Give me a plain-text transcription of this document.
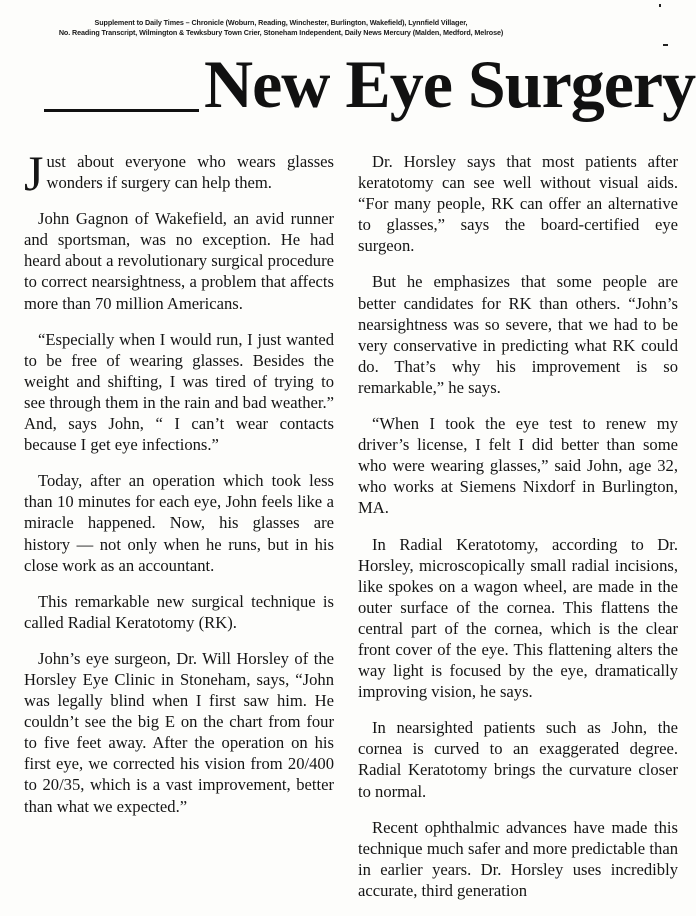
Supplement to Daily Times – Chronicle (Woburn, Reading, Winchester, Burlington, Wakefield), Lynnfield Villager,
No. Reading Transcript, Wilmington & Tewksbury Town Crier, Stoneham Independent, Daily News Mercury (Malden, Medford, Melrose)
New Eye Surgery

Just about everyone who wears glasses wonders if surgery can help them.

John Gagnon of Wakefield, an avid runner and sportsman, was no exception. He had heard about a revolutionary surgical procedure to correct nearsightness, a problem that affects more than 70 million Americans.

“Especially when I would run, I just wanted to be free of wearing glasses. Besides the weight and shifting, I was tired of trying to see through them in the rain and bad weather.” And, says John, “ I can’t wear contacts because I get eye infections.”

Today, after an operation which took less than 10 minutes for each eye, John feels like a miracle happened. Now, his glasses are history — not only when he runs, but in his close work as an accountant.

This remarkable new surgical technique is called Radial Keratotomy (RK).

John’s eye surgeon, Dr. Will Horsley of the Horsley Eye Clinic in Stoneham, says, “John was legally blind when I first saw him. He couldn’t see the big E on the chart from four to five feet away. After the operation on his first eye, we corrected his vision from 20/400 to 20/35, which is a vast improvement, better than what we expected.”

Dr. Horsley says that most patients after keratotomy can see well without visual aids. “For many people, RK can offer an alternative to glasses,” says the board-certified eye surgeon.

But he emphasizes that some people are better candidates for RK than others. “John’s nearsightness was so severe, that we had to be very conservative in predicting what RK could do. That’s why his improvement is so remarkable,” he says.

“When I took the eye test to renew my driver’s license, I felt I did better than some who were wearing glasses,” said John, age 32, who works at Siemens Nixdorf in Burlington, MA.

In Radial Keratotomy, according to Dr. Horsley, microscopically small radial incisions, like spokes on a wagon wheel, are made in the outer surface of the cornea. This flattens the central part of the cornea, which is the clear front cover of the eye. This flattening alters the way light is focused by the eye, dramatically improving vision, he says.

In nearsighted patients such as John, the cornea is curved to an exaggerated degree. Radial Keratotomy brings the curvature closer to normal.

Recent ophthalmic advances have made this technique much safer and more predictable than in earlier years. Dr. Horsley uses incredibly accurate, third generation
